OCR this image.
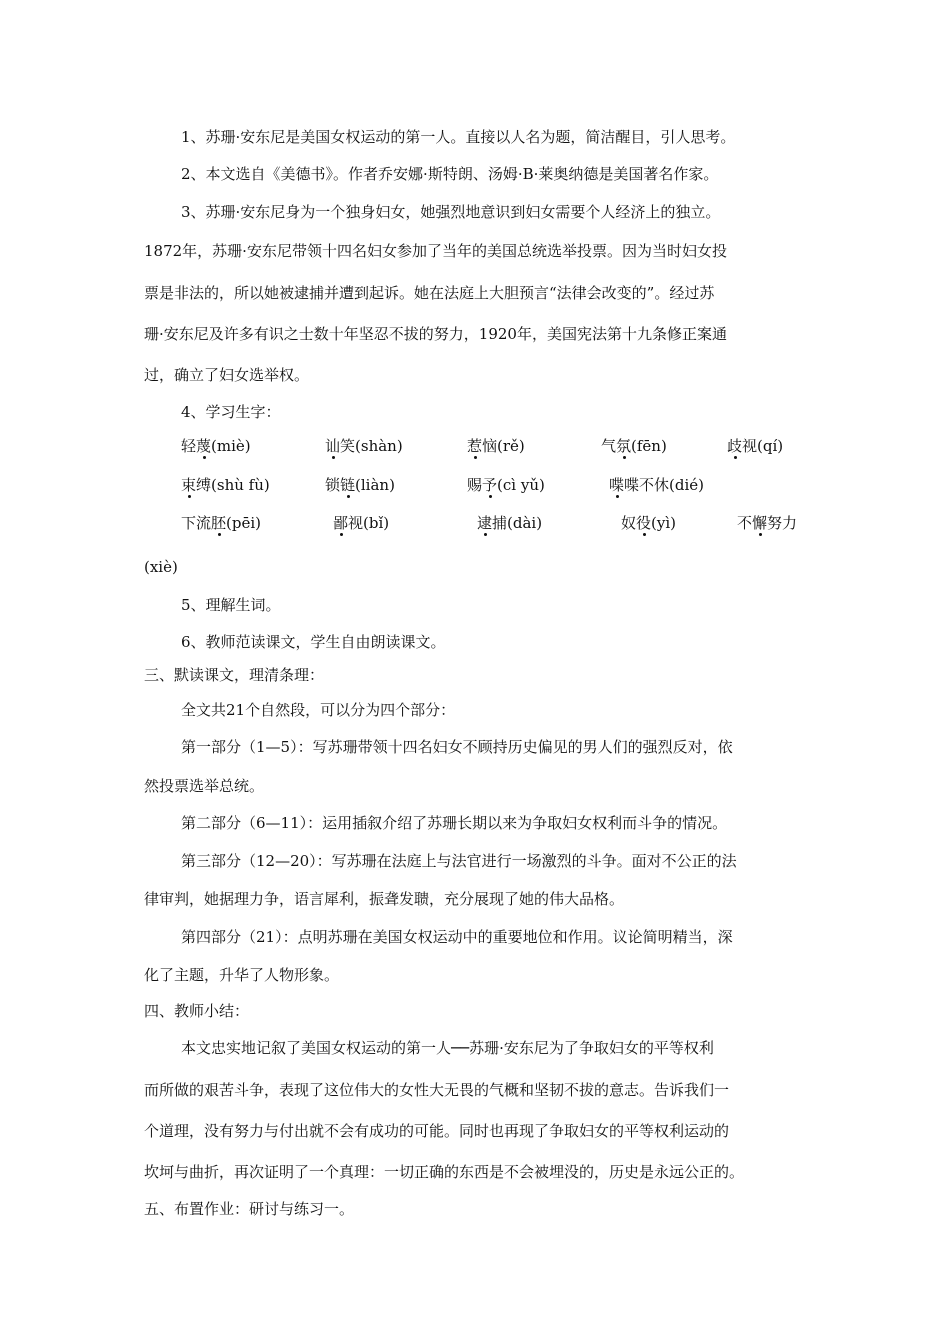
1、苏珊·安东尼是美国女权运动的第一人。直接以人名为题，简洁醒目，引人思考。
2、本文选自《美德书》。作者乔安娜·斯特朗、汤姆·B·莱奥纳德是美国著名作家。
3、苏珊·安东尼身为一个独身妇女，她强烈地意识到妇女需要个人经济上的独立。
1872年，苏珊·安东尼带领十四名妇女参加了当年的美国总统选举投票。因为当时妇女投
票是非法的，所以她被逮捕并遭到起诉。她在法庭上大胆预言“法律会改变的”。经过苏
珊·安东尼及许多有识之士数十年坚忍不拔的努力，1920年，美国宪法第十九条修正案通
过，确立了妇女选举权。
4、学习生字：
轻蔑(miè)	讪笑(shàn)	惹恼(rě)	气氛(fēn)	歧视(qí)
束缚(shù fù)	锁链(liàn)	赐予(cì yǔ)	喋喋不休(dié)
下流胚(pēi)	鄙视(bǐ)	逮捕(dài)	奴役(yì)	不懈努力
(xiè)
5、理解生词。
6、教师范读课文，学生自由朗读课文。
三、默读课文，理清条理：
全文共21个自然段，可以分为四个部分：
第一部分（1—5）：写苏珊带领十四名妇女不顾持历史偏见的男人们的强烈反对，依
然投票选举总统。
第二部分（6—11）：运用插叙介绍了苏珊长期以来为争取妇女权利而斗争的情况。
第三部分（12—20）：写苏珊在法庭上与法官进行一场激烈的斗争。面对不公正的法
律审判，她据理力争，语言犀利，振聋发聩，充分展现了她的伟大品格。
第四部分（21）：点明苏珊在美国女权运动中的重要地位和作用。议论简明精当，深
化了主题，升华了人物形象。
四、教师小结：
本文忠实地记叙了美国女权运动的第一人──苏珊·安东尼为了争取妇女的平等权利
而所做的艰苦斗争，表现了这位伟大的女性大无畏的气概和坚韧不拔的意志。告诉我们一
个道理，没有努力与付出就不会有成功的可能。同时也再现了争取妇女的平等权利运动的
坎坷与曲折，再次证明了一个真理：一切正确的东西是不会被埋没的，历史是永远公正的。
五、布置作业：研讨与练习一。
